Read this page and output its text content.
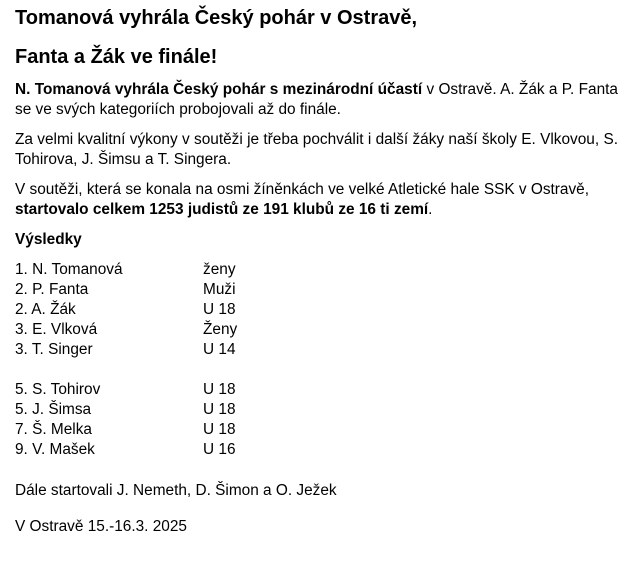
Tomanová vyhrála Český pohár v Ostravě,
Fanta a Žák ve finále!
N. Tomanová vyhrála Český pohár s mezinárodní účastí v Ostravě. A. Žák a P. Fanta se ve svých kategoriích probojovali až do finále.
Za velmi kvalitní výkony v soutěži je třeba pochválit i další žáky naší školy E. Vlkovou, S. Tohirova, J. Šimsu a T. Singera.
V soutěži, která se konala na osmi žíněnkách ve velké Atletické hale SSK v Ostravě,
startovalo celkem 1253 judistů ze 191 klubů ze 16 ti zemí.
Výsledky
1. N. Tomanová	ženy
2. P. Fanta	Muži
2. A. Žák	U 18
3. E. Vlková	Ženy
3. T. Singer	U 14
5. S. Tohirov	U 18
5. J. Šimsa	U 18
7. Š. Melka	U 18
9. V. Mašek	U 16
Dále startovali J. Nemeth, D. Šimon a O. Ježek
V Ostravě 15.-16.3. 2025
